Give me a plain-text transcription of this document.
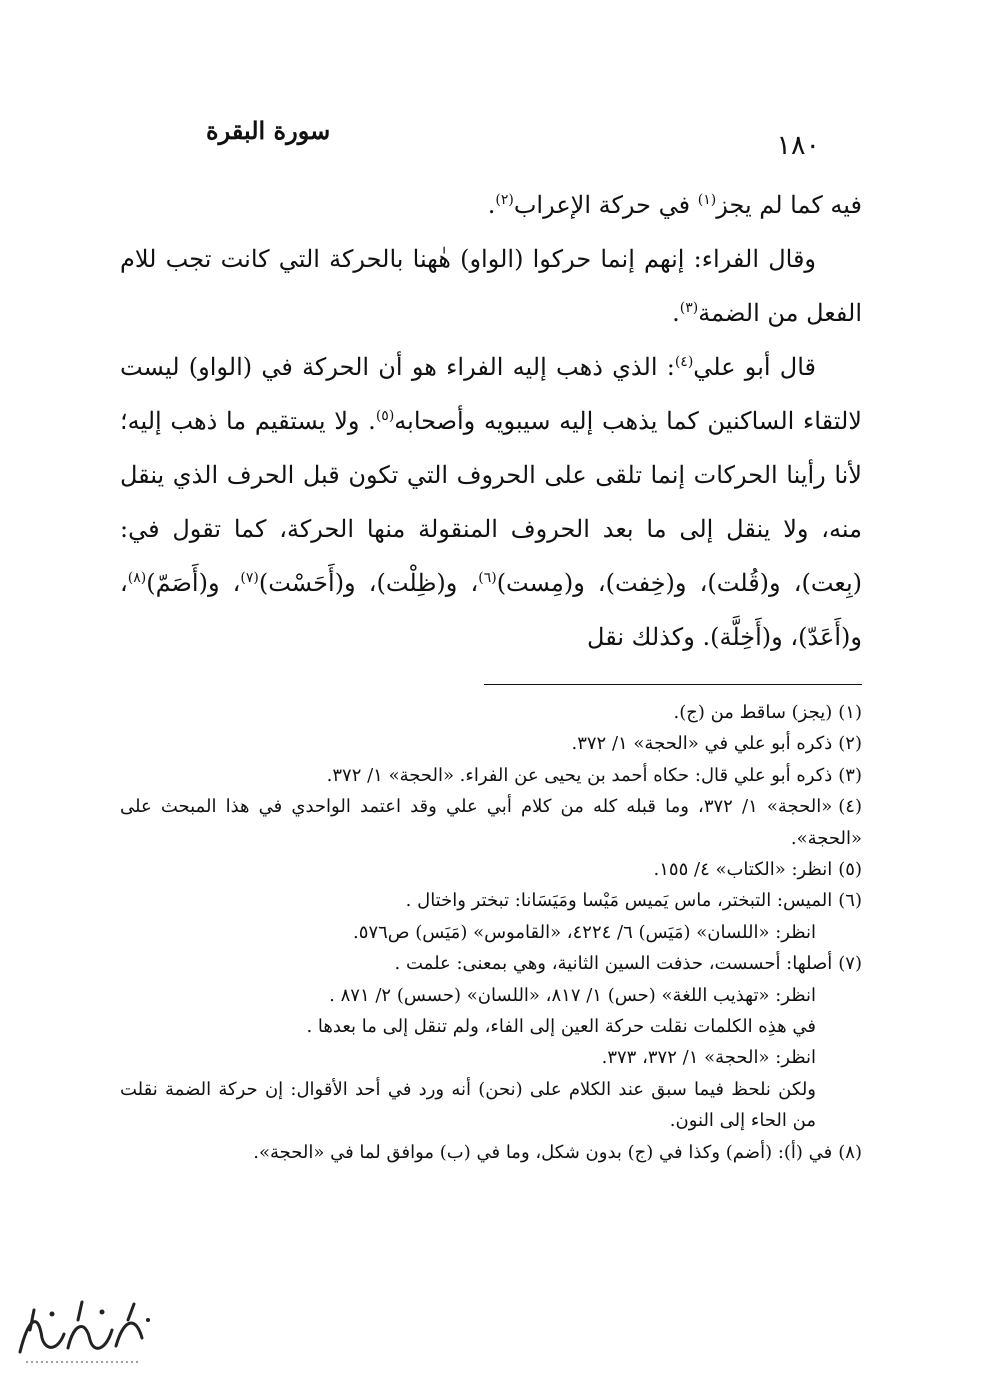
١٨٠
سورة البقرة

فيه كما لم يجز$^{(١)}$ في حركة الإعراب$^{(٢)}$.

وقال الفراء: إنهم إنما حركوا (الواو) هٰهنا بالحركة التي كانت تجب للام الفعل من الضمة$^{(٣)}$.

قال أبو علي$^{(٤)}$: الذي ذهب إليه الفراء هو أن الحركة في (الواو) ليست لالتقاء الساكنين كما يذهب إليه سيبويه وأصحابه$^{(٥)}$. ولا يستقيم ما ذهب إليه؛ لأنا رأينا الحركات إنما تلقى على الحروف التي تكون قبل الحرف الذي ينقل منه، ولا ينقل إلى ما بعد الحروف المنقولة منها الحركة، كما تقول في: (بِعت)، و(قُلت)، و(خِفت)، و(مِست)$^{(٦)}$، و(ظِلْت)، و(أَحَسْت)$^{(٧)}$، و(أَصَمّ)$^{(٨)}$، و(أَعَدّ)، و(أَخِلَّة). وكذلك نقل

(١)(يجز) ساقط من (ج).

(٢)ذكره أبو علي في «الحجة» ١/ ٣٧٢.

(٣)ذكره أبو علي قال: حكاه أحمد بن يحيى عن الفراء. «الحجة» ١/ ٣٧٢.

(٤)«الحجة» ١/ ٣٧٢، وما قبله كله من كلام أبي علي وقد اعتمد الواحدي في هذا المبحث على «الحجة».

(٥)انظر: «الكتاب» ٤/ ١٥٥.

(٦)الميس: التبختر، ماس يَميس مَيْسا ومَيَسَانا: تبختر واختال .

انظر: «اللسان» (مَيَس) ٦/ ٤٢٢٤، «القاموس» (مَيَس) ص٥٧٦.

(٧)أصلها: أحسست، حذفت السين الثانية، وهي بمعنى: علمت .

انظر: «تهذيب اللغة» (حس) ١/ ٨١٧، «اللسان» (حسس) ٢/ ٨٧١ .

في هذِه الكلمات نقلت حركة العين إلى الفاء، ولم تنقل إلى ما بعدها .

انظر: «الحجة» ١/ ٣٧٢، ٣٧٣.

ولكن نلحظ فيما سبق عند الكلام على (نحن) أنه ورد في أحد الأقوال: إن حركة الضمة نقلت من الحاء إلى النون.

(٨)في (أ): (أضم) وكذا في (ج) بدون شكل، وما في (ب) موافق لما في «الحجة».
